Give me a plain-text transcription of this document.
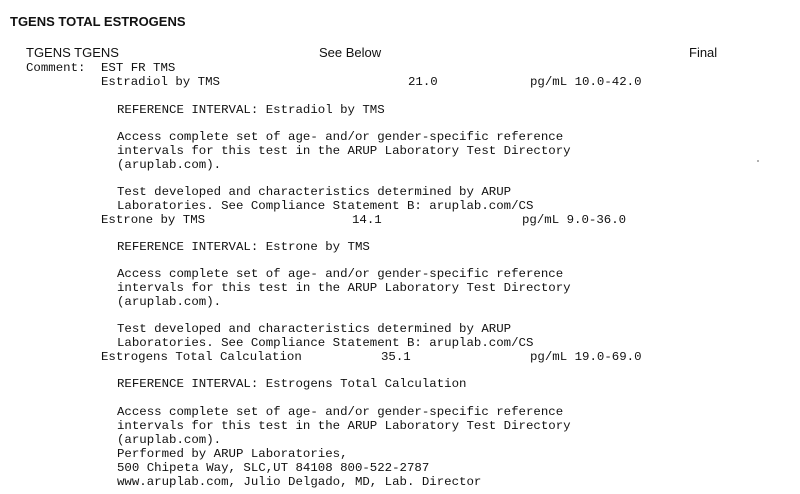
TGENS TOTAL ESTROGENS
TGENS TGENS	See Below	Final
Comment: EST FR TMS
Estradiol by TMS	21.0	pg/mL 10.0-42.0
REFERENCE INTERVAL: Estradiol by TMS
Access complete set of age- and/or gender-specific reference
intervals for this test in the ARUP Laboratory Test Directory
(aruplab.com).
Test developed and characteristics determined by ARUP
Laboratories. See Compliance Statement B: aruplab.com/CS
Estrone by TMS	14.1	pg/mL 9.0-36.0
REFERENCE INTERVAL: Estrone by TMS
Access complete set of age- and/or gender-specific reference
intervals for this test in the ARUP Laboratory Test Directory
(aruplab.com).
Test developed and characteristics determined by ARUP
Laboratories. See Compliance Statement B: aruplab.com/CS
Estrogens Total Calculation	35.1	pg/mL 19.0-69.0
REFERENCE INTERVAL: Estrogens Total Calculation
Access complete set of age- and/or gender-specific reference
intervals for this test in the ARUP Laboratory Test Directory
(aruplab.com).
Performed by ARUP Laboratories,
500 Chipeta Way, SLC,UT 84108 800-522-2787
www.aruplab.com, Julio Delgado, MD, Lab. Director
